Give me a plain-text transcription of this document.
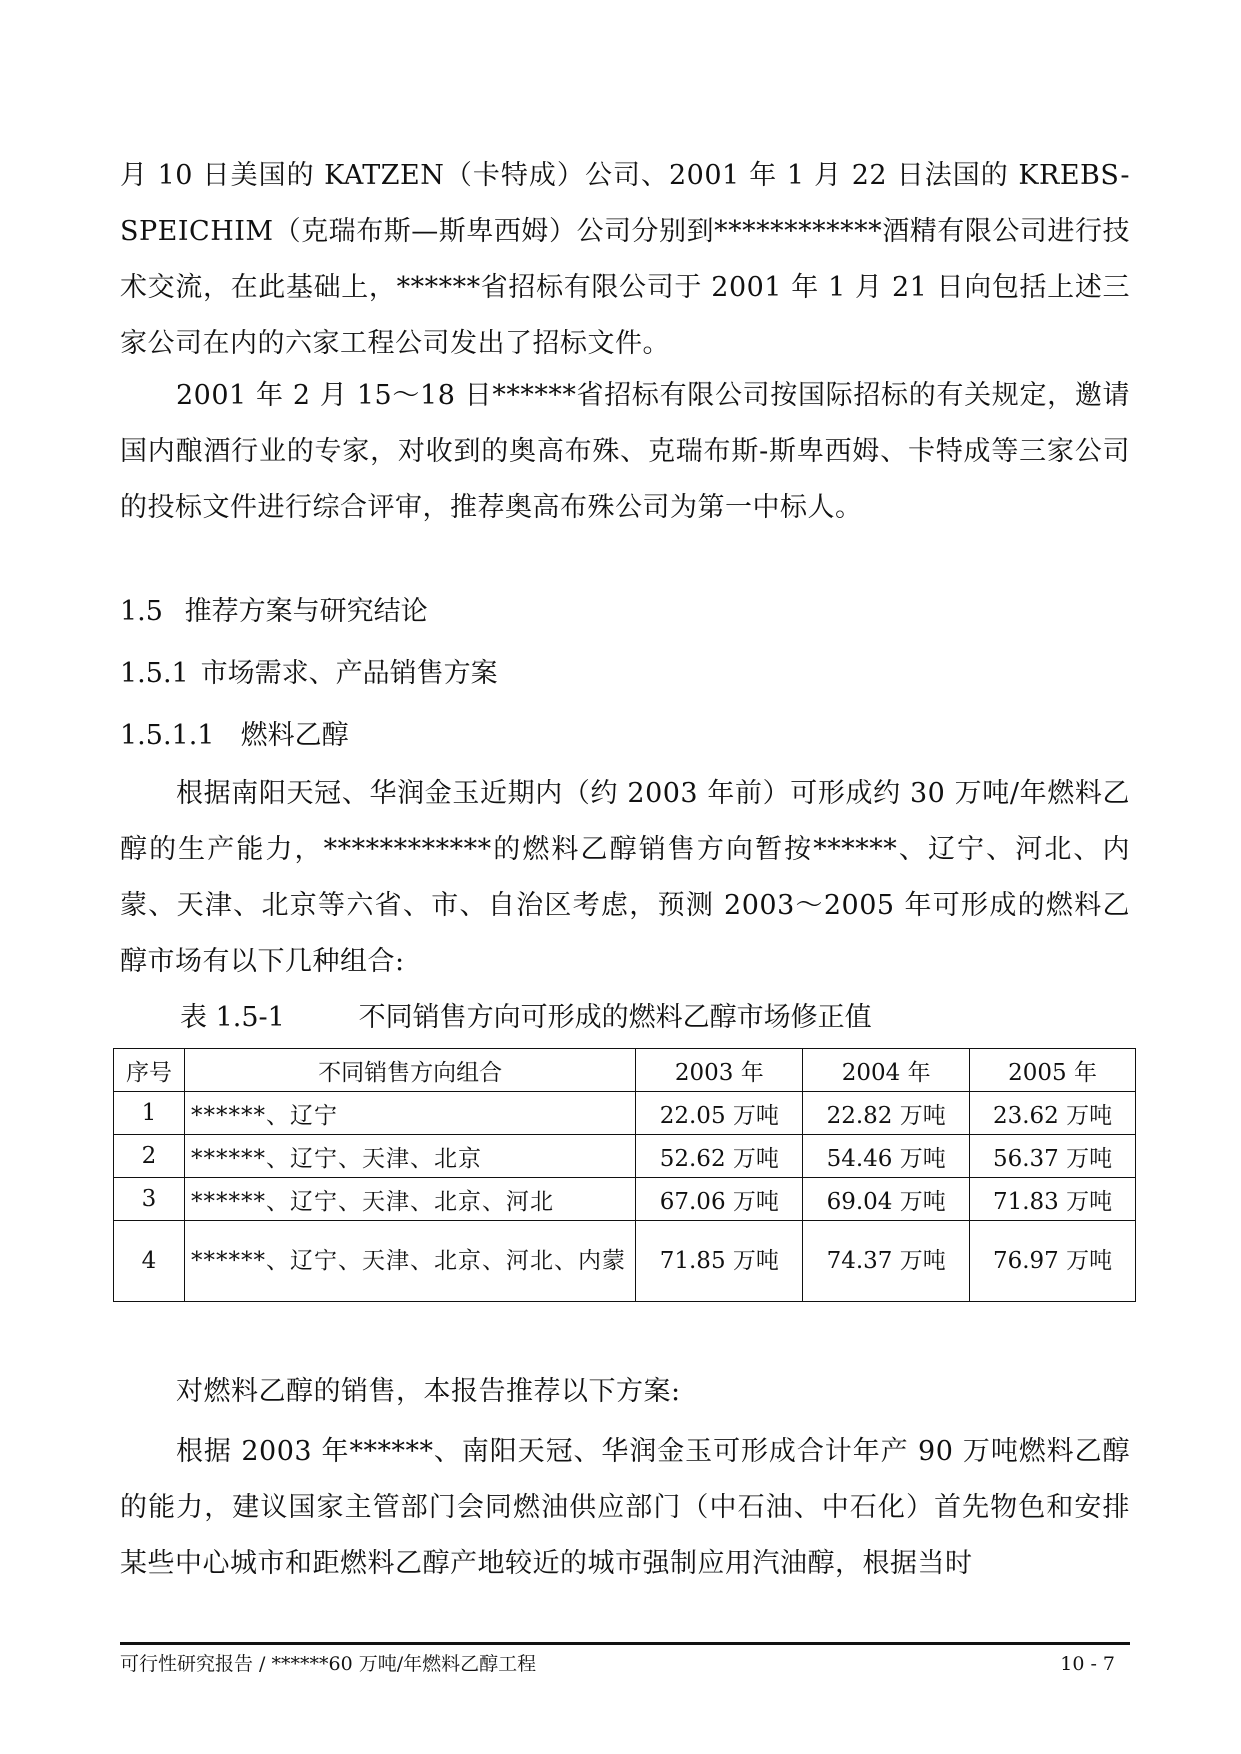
月 10 日美国的 KATZEN（卡特成）公司、2001 年 1 月 22 日法国的 KREBS-SPEICHIM（克瑞布斯—斯卑西姆）公司分别到************酒精有限公司进行技术交流，在此基础上，******省招标有限公司于 2001 年 1 月 21 日向包括上述三家公司在内的六家工程公司发出了招标文件。

2001 年 2 月 15～18 日******省招标有限公司按国际招标的有关规定，邀请国内酿酒行业的专家，对收到的奥高布殊、克瑞布斯-斯卑西姆、卡特成等三家公司的投标文件进行综合评审，推荐奥高布殊公司为第一中标人。

1.5 推荐方案与研究结论
1.5.1 市场需求、产品销售方案
1.5.1.1 燃料乙醇

根据南阳天冠、华润金玉近期内（约 2003 年前）可形成约 30 万吨/年燃料乙醇的生产能力，************的燃料乙醇销售方向暂按******、辽宁、河北、内蒙、天津、北京等六省、市、自治区考虑，预测 2003～2005 年可形成的燃料乙醇市场有以下几种组合:

表 1.5-1	不同销售方向可形成的燃料乙醇市场修正值
序号	不同销售方向组合	2003 年	2004 年	2005 年
1	******、辽宁	22.05 万吨	22.82 万吨	23.62 万吨
2	******、辽宁、天津、北京	52.62 万吨	54.46 万吨	56.37 万吨
3	******、辽宁、天津、北京、河北	67.06 万吨	69.04 万吨	71.83 万吨
4	******、辽宁、天津、北京、河北、内蒙	71.85 万吨	74.37 万吨	76.97 万吨

对燃料乙醇的销售，本报告推荐以下方案:

根据 2003 年******、南阳天冠、华润金玉可形成合计年产 90 万吨燃料乙醇的能力，建议国家主管部门会同燃油供应部门（中石油、中石化）首先物色和安排某些中心城市和距燃料乙醇产地较近的城市强制应用汽油醇，根据当时

可行性研究报告 / ******60 万吨/年燃料乙醇工程	10 - 7
